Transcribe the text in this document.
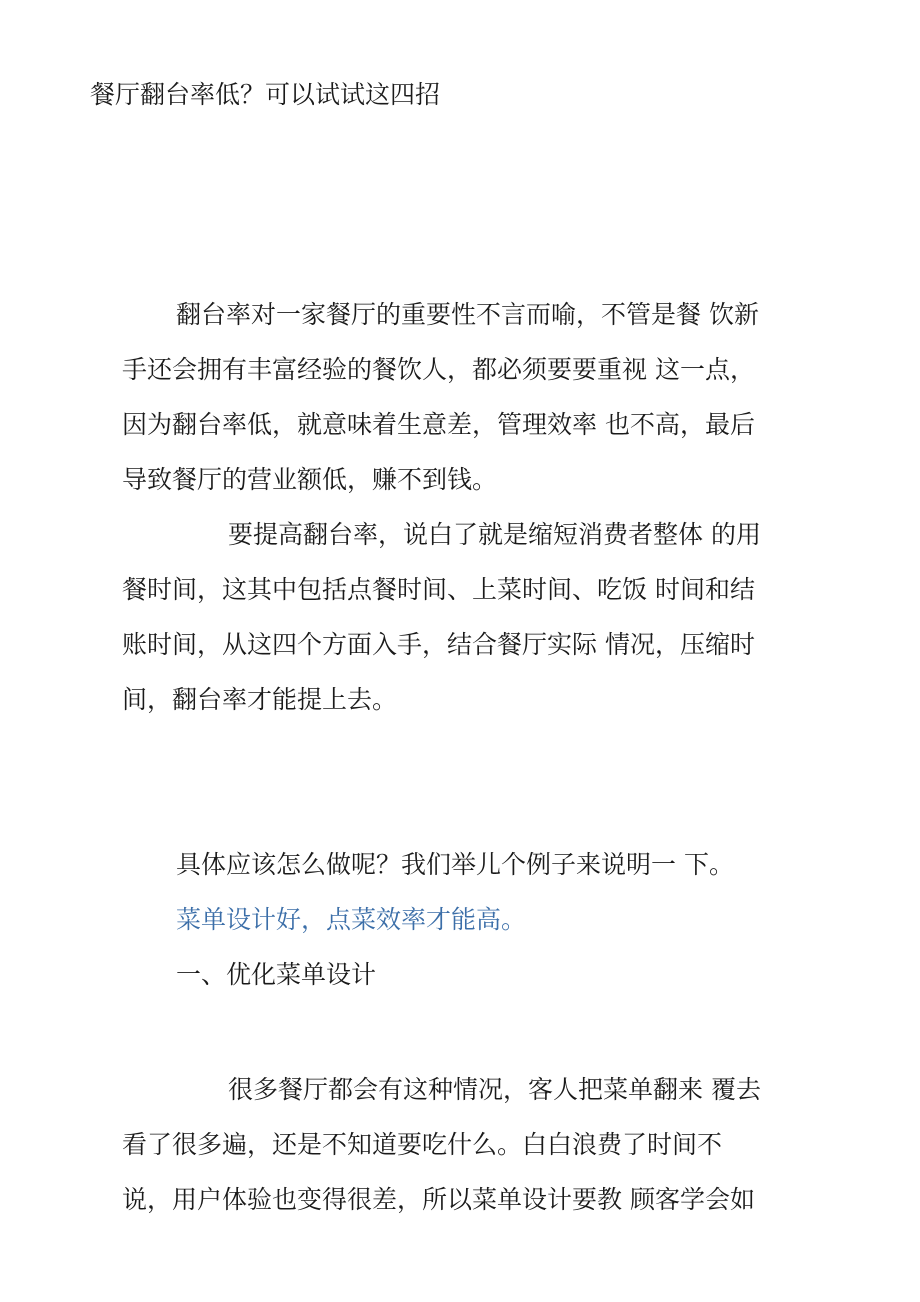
餐厅翻台率低？可以试试这四招
翻台率对一家餐厅的重要性不言而喻，不管是餐 饮新
手还会拥有丰富经验的餐饮人，都必须要要重视 这一点，
因为翻台率低，就意味着生意差，管理效率 也不高，最后
导致餐厅的营业额低，赚不到钱。
要提高翻台率，说白了就是缩短消费者整体 的用
餐时间，这其中包括点餐时间、上菜时间、吃饭 时间和结
账时间，从这四个方面入手，结合餐厅实际 情况，压缩时
间，翻台率才能提上去。
具体应该怎么做呢？我们举儿个例子来说明一 下。
菜单设计好，点菜效率才能高。
一、优化菜单设计
很多餐厅都会有这种情况，客人把菜单翻来 覆去
看了很多遍，还是不知道要吃什么。白白浪费了时间不
说，用户体验也变得很差，所以菜单设计要教 顾客学会如
